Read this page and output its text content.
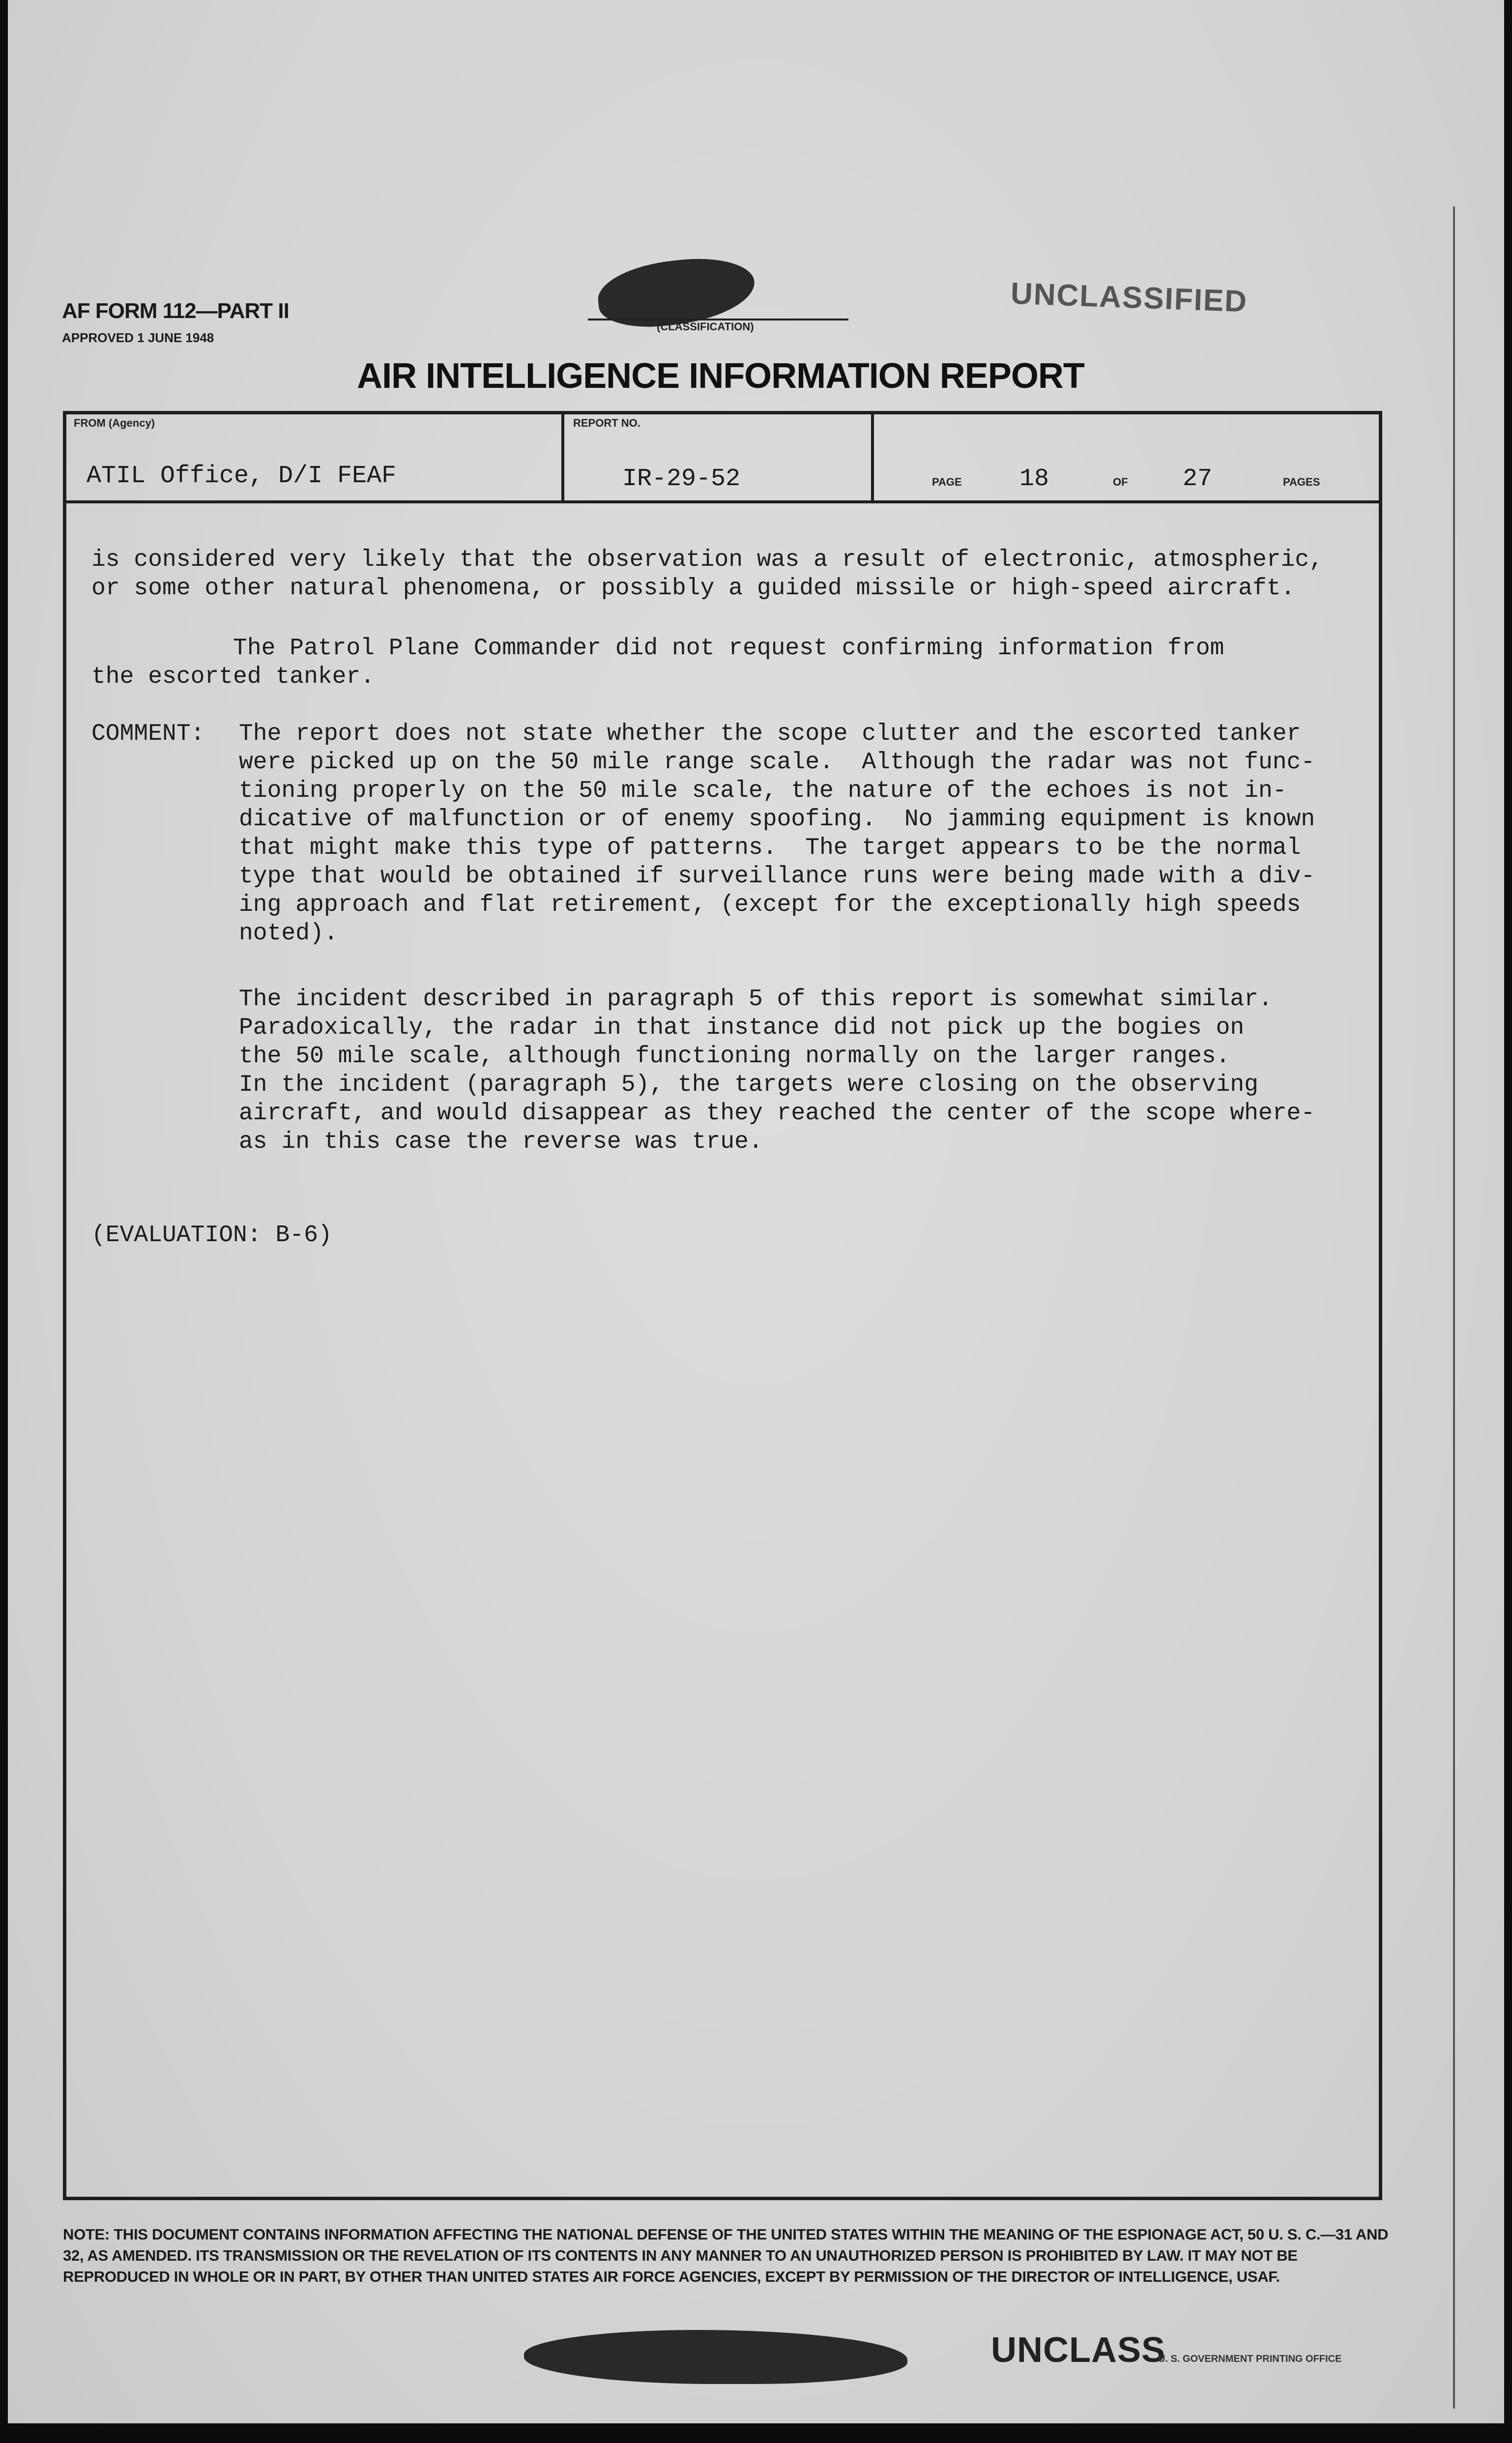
AF FORM 112—PART II
APPROVED 1 JUNE 1948
(CLASSIFICATION)
UNCLASSIFIED
AIR INTELLIGENCE INFORMATION REPORT
FROM (Agency)
ATIL Office, D/I FEAF
REPORT NO.
IR-29-52	PAGE 18	OF 27	PAGES
is considered very likely that the observation was a result of electronic, atmospheric,
or some other natural phenomena, or possibly a guided missile or high-speed aircraft.
The Patrol Plane Commander did not request confirming information from
the escorted tanker.
COMMENT: The report does not state whether the scope clutter and the escorted tanker
were picked up on the 50 mile range scale.  Although the radar was not func-
tioning properly on the 50 mile scale, the nature of the echoes is not in-
dicative of malfunction or of enemy spoofing.  No jamming equipment is known
that might make this type of patterns.  The target appears to be the normal
type that would be obtained if surveillance runs were being made with a div-
ing approach and flat retirement, (except for the exceptionally high speeds
noted).
The incident described in paragraph 5 of this report is somewhat similar.
Paradoxically, the radar in that instance did not pick up the bogies on
the 50 mile scale, although functioning normally on the larger ranges.
In the incident (paragraph 5), the targets were closing on the observing
aircraft, and would disappear as they reached the center of the scope where-
as in this case the reverse was true.
(EVALUATION: B-6)
NOTE: THIS DOCUMENT CONTAINS INFORMATION AFFECTING THE NATIONAL DEFENSE OF THE UNITED STATES WITHIN THE MEANING OF THE ESPIONAGE ACT, 50 U. S. C.—31 AND 32, AS AMENDED. ITS TRANSMISSION OR THE REVELATION OF ITS CONTENTS IN ANY MANNER TO AN UNAUTHORIZED PERSON IS PROHIBITED BY LAW. IT MAY NOT BE REPRODUCED IN WHOLE OR IN PART, BY OTHER THAN UNITED STATES AIR FORCE AGENCIES, EXCEPT BY PERMISSION OF THE DIRECTOR OF INTELLIGENCE, USAF.
UNCLASS
U. S. GOVERNMENT PRINTING OFFICE
